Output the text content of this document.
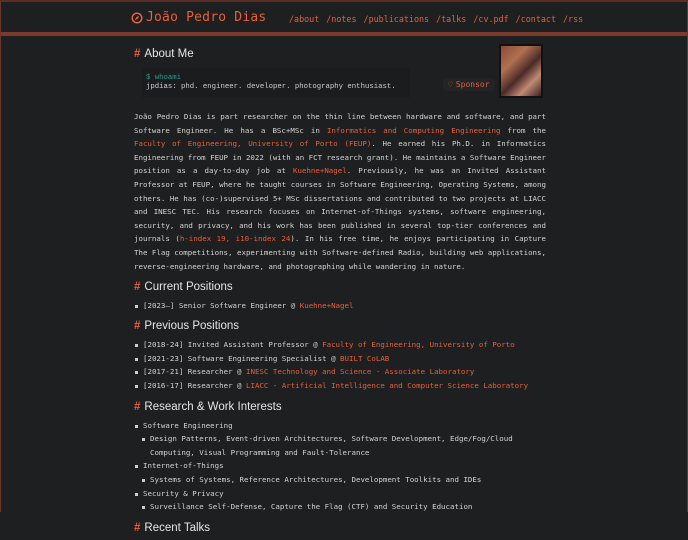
João Pedro Dias	/about /notes /publications /talks /cv.pdf /contact /rss
# About Me
♡ Sponsor
$ whoami
jpdias: phd. engineer. developer. photography enthusiast.

João Pedro Dias is part researcher on the thin line between hardware and software, and part Software Engineer. He has a BSc+MSc in Informatics and Computing Engineering from the Faculty of Engineering, University of Porto (FEUP). He earned his Ph.D. in Informatics Engineering from FEUP in 2022 (with an FCT research grant). He maintains a Software Engineer position as a day-to-day job at Kuehne+Nagel. Previously, he was an Invited Assistant Professor at FEUP, where he taught courses in Software Engineering, Operating Systems, among others. He has (co-)supervised 5+ MSc dissertations and contributed to two projects at LIACC and INESC TEC. His research focuses on Internet-of-Things systems, software engineering, security, and privacy, and his work has been published in several top-tier conferences and journals (h-index 19, i10-index 24). In his free time, he enjoys participating in Capture The Flag competitions, experimenting with Software-defined Radio, building web applications, reverse-engineering hardware, and photographing while wandering in nature.

# Current Positions
[2023–] Senior Software Engineer @ Kuehne+Nagel
# Previous Positions
[2018-24] Invited Assistant Professor @ Faculty of Engineering, University of Porto
[2021-23] Software Engineering Specialist @ BUILT CoLAB
[2017-21] Researcher @ INESC Technology and Science - Associate Laboratory
[2016-17] Researcher @ LIACC - Artificial Intelligence and Computer Science Laboratory
# Research & Work Interests
Software Engineering
Design Patterns, Event-driven Architectures, Software Development, Edge/Fog/Cloud Computing, Visual Programming and Fault-Tolerance
Internet-of-Things
Systems of Systems, Reference Architectures, Development Toolkits and IDEs
Security & Privacy
Surveillance Self-Defense, Capture the Flag (CTF) and Security Education
# Recent Talks
